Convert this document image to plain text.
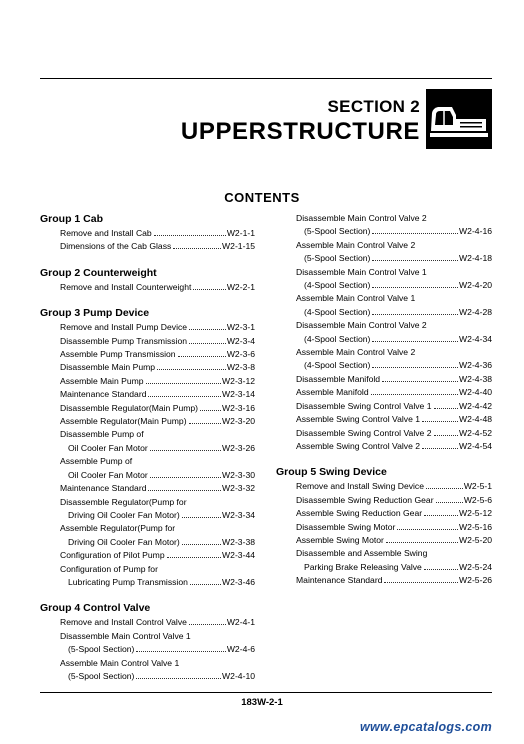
SECTION 2
UPPERSTRUCTURE
CONTENTS
Group 1 Cab
Remove and Install Cab	W2-1-1
Dimensions of the Cab Glass	W2-1-15
Group 2 Counterweight
Remove and Install Counterweight	W2-2-1
Group 3 Pump Device
Remove and Install Pump Device	W2-3-1
Disassemble Pump Transmission	W2-3-4
Assemble Pump Transmission	W2-3-6
Disassemble Main Pump	W2-3-8
Assemble Main Pump	W2-3-12
Maintenance Standard	W2-3-14
Disassemble Regulator(Main Pump)	W2-3-16
Assemble Regulator(Main Pump)	W2-3-20
Disassemble Pump of
Oil Cooler Fan Motor	W2-3-26
Assemble Pump of
Oil Cooler Fan Motor	W2-3-30
Maintenance Standard	W2-3-32
Disassemble Regulator(Pump for
Driving Oil Cooler Fan Motor)	W2-3-34
Assemble Regulator(Pump for
Driving Oil Cooler Fan Motor)	W2-3-38
Configuration of Pilot Pump	W2-3-44
Configuration of Pump for
Lubricating Pump Transmission	W2-3-46
Group 4 Control Valve
Remove and Install Control Valve	W2-4-1
Disassemble Main Control Valve 1
(5-Spool Section)	W2-4-6
Assemble Main Control Valve 1
(5-Spool Section)	W2-4-10
Disassemble Main Control Valve 2
(5-Spool Section)	W2-4-16
Assemble Main Control Valve 2
(5-Spool Section)	W2-4-18
Disassemble Main Control Valve 1
(4-Spool Section)	W2-4-20
Assemble Main Control Valve 1
(4-Spool Section)	W2-4-28
Disassemble Main Control Valve 2
(4-Spool Section)	W2-4-34
Assemble Main Control Valve 2
(4-Spool Section)	W2-4-36
Disassemble Manifold	W2-4-38
Assemble Manifold	W2-4-40
Disassemble Swing Control Valve 1	W2-4-42
Assemble Swing Control Valve 1	W2-4-48
Disassemble Swing Control Valve 2	W2-4-52
Assemble Swing Control Valve 2	W2-4-54
Group 5 Swing Device
Remove and Install Swing Device	W2-5-1
Disassemble Swing Reduction Gear	W2-5-6
Assemble Swing Reduction Gear	W2-5-12
Disassemble Swing Motor	W2-5-16
Assemble Swing Motor	W2-5-20
Disassemble and Assemble Swing
Parking Brake Releasing Valve	W2-5-24
Maintenance Standard	W2-5-26
183W-2-1
www.epcatalogs.com
